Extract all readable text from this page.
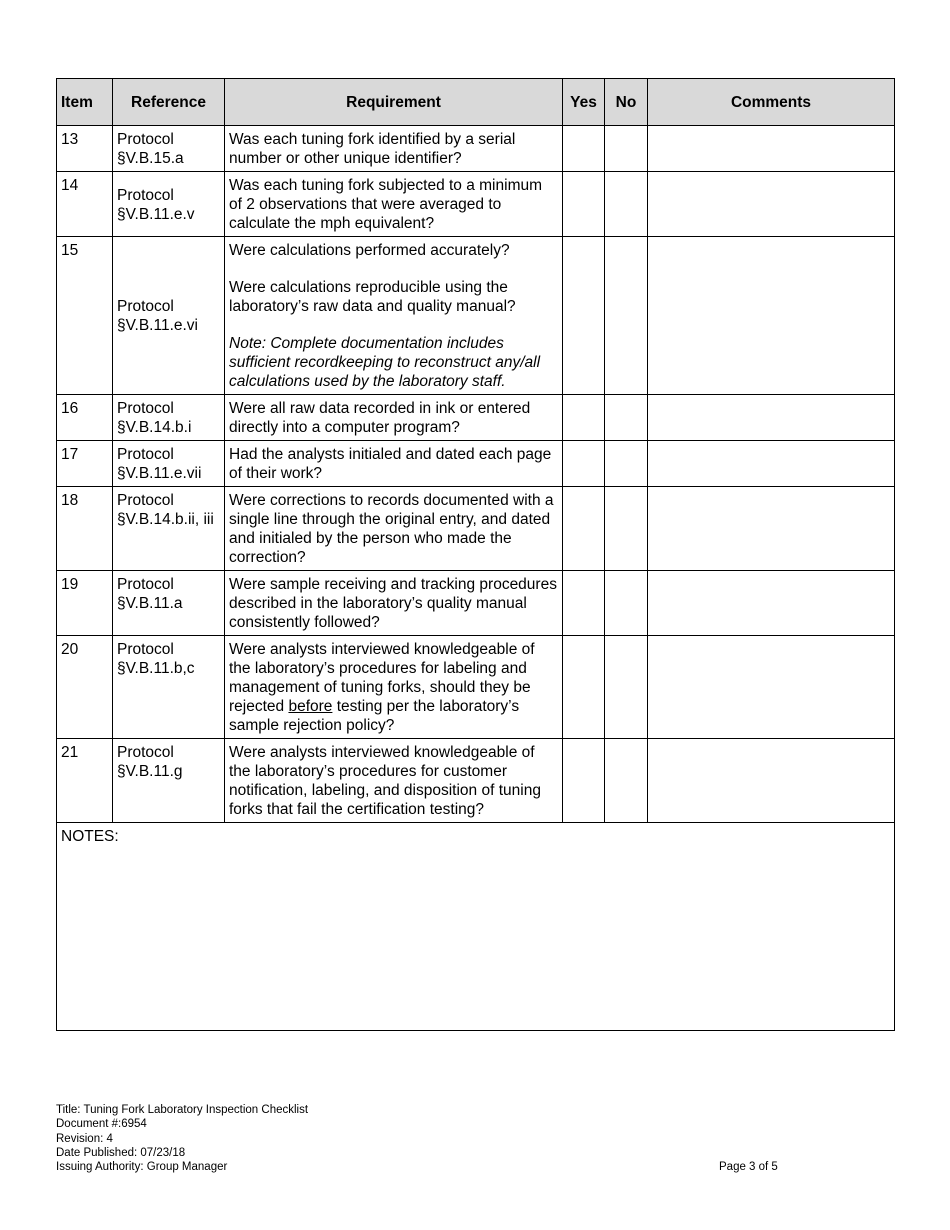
Item	Reference	Requirement	Yes	No	Comments
13	Protocol §V.B.15.a	Was each tuning fork identified by a serial number or other unique identifier?			

14	Protocol §V.B.11.e.v	Was each tuning fork subjected to a minimum of 2 observations that were averaged to calculate the mph equivalent?			

15	Protocol §V.B.11.e.vi	Were calculations performed accurately?

Were calculations reproducible using the laboratory’s raw data and quality manual?

Note: Complete documentation includes sufficient recordkeeping to reconstruct any/all calculations used by the laboratory staff.			

16	Protocol §V.B.14.b.i	Were all raw data recorded in ink or entered directly into a computer program?			

17	Protocol §V.B.11.e.vii	Had the analysts initialed and dated each page of their work?			

18	Protocol §V.B.14.b.ii, iii	Were corrections to records documented with a single line through the original entry, and dated and initialed by the person who made the correction?			

19	Protocol §V.B.11.a	Were sample receiving and tracking procedures described in the laboratory’s quality manual consistently followed?			

20	Protocol §V.B.11.b,c	Were analysts interviewed knowledgeable of the laboratory’s procedures for labeling and management of tuning forks, should they be rejected before testing per the laboratory’s sample rejection policy?			

21	Protocol §V.B.11.g	Were analysts interviewed knowledgeable of the laboratory’s procedures for customer notification, labeling, and disposition of tuning forks that fail the certification testing?			

NOTES:					
Title: Tuning Fork Laboratory Inspection Checklist
Document #:6954
Revision: 4
Date Published: 07/23/18
Issuing Authority: Group Manager	Page 3 of 5
